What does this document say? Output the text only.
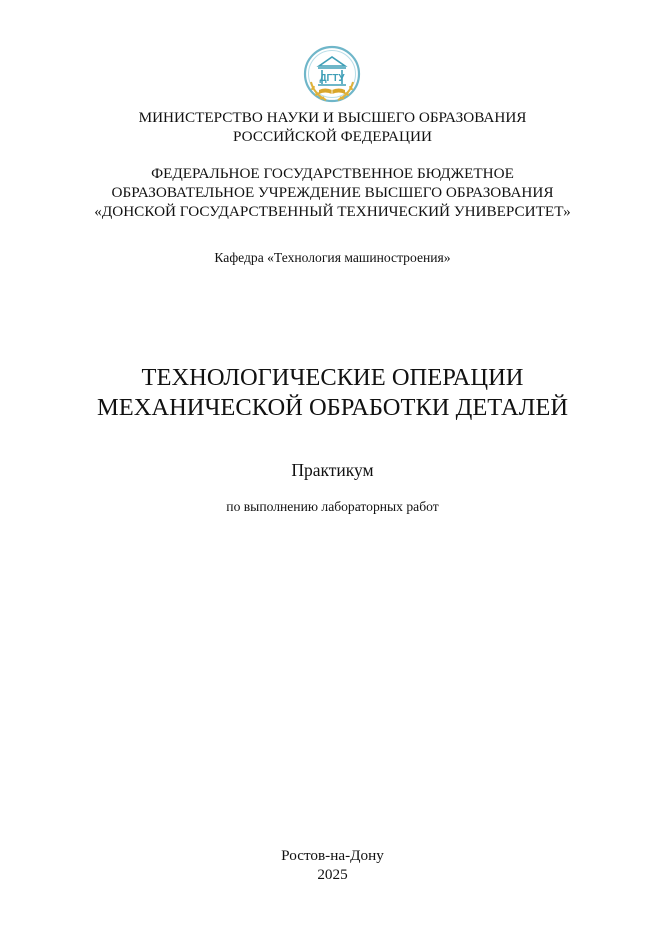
ДГТУ
МИНИСТЕРСТВО НАУКИ И ВЫСШЕГО ОБРАЗОВАНИЯ
РОССИЙСКОЙ ФЕДЕРАЦИИ
ФЕДЕРАЛЬНОЕ ГОСУДАРСТВЕННОЕ БЮДЖЕТНОЕ
ОБРАЗОВАТЕЛЬНОЕ УЧРЕЖДЕНИЕ ВЫСШЕГО ОБРАЗОВАНИЯ
«ДОНСКОЙ ГОСУДАРСТВЕННЫЙ ТЕХНИЧЕСКИЙ УНИВЕРСИТЕТ»
Кафедра «Технология машиностроения»
ТЕХНОЛОГИЧЕСКИЕ ОПЕРАЦИИ
МЕХАНИЧЕСКОЙ ОБРАБОТКИ ДЕТАЛЕЙ
Практикум
по выполнению лабораторных работ
Ростов-на-Дону
2025
